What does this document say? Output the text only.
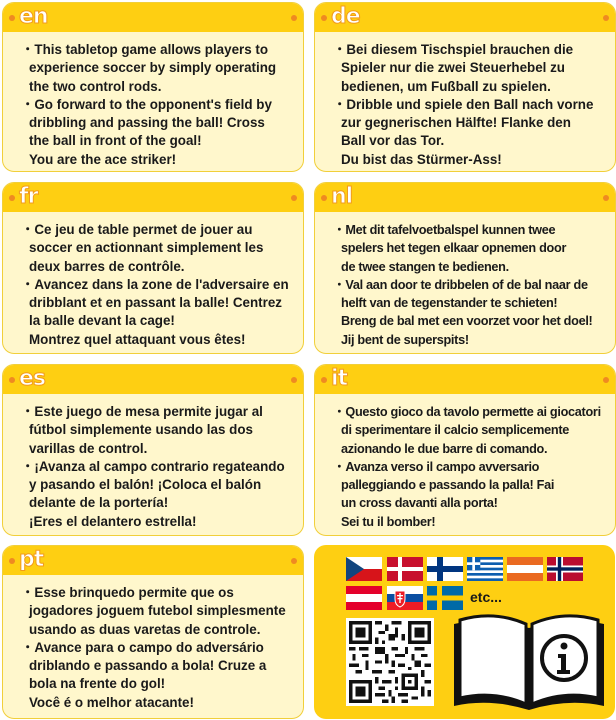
en

・This tabletop game allows players to

experience soccer by simply operating

the two control rods.

・Go forward to the opponent's field by

dribbling and passing the ball! Cross

the ball in front of the goal!

You are the ace striker!

de

・Bei diesem Tischspiel brauchen die

Spieler nur die zwei Steuerhebel zu

bedienen, um Fußball zu spielen.

・Dribble und spiele den Ball nach vorne

zur gegnerischen Hälfte! Flanke den

Ball vor das Tor.

Du bist das Stürmer-Ass!

fr

・Ce jeu de table permet de jouer au

soccer en actionnant simplement les

deux barres de contrôle.

・Avancez dans la zone de l'adversaire en

dribblant et en passant la balle! Centrez

la balle devant la cage!

Montrez quel attaquant vous êtes!

nl

・Met dit tafelvoetbalspel kunnen twee

spelers het tegen elkaar opnemen door

de twee stangen te bedienen.

・Val aan door te dribbelen of de bal naar de

helft van de tegenstander te schieten!

Breng de bal met een voorzet voor het doel!

Jij bent de superspits!

es

・Este juego de mesa permite jugar al

fútbol simplemente usando las dos

varillas de control.

・¡Avanza al campo contrario regateando

y pasando el balón! ¡Coloca el balón

delante de la portería!

¡Eres el delantero estrella!

it

・Questo gioco da tavolo permette ai giocatori

di sperimentare il calcio semplicemente

azionando le due barre di comando.

・Avanza verso il campo avversario

palleggiando e passando la palla! Fai

un cross davanti alla porta!

Sei tu il bomber!

pt

・Esse brinquedo permite que os

jogadores joguem futebol simplesmente

usando as duas varetas de controle.

・Avance para o campo do adversário

driblando e passando a bola! Cruze a

bola na frente do gol!

Você é o melhor atacante!

etc...
